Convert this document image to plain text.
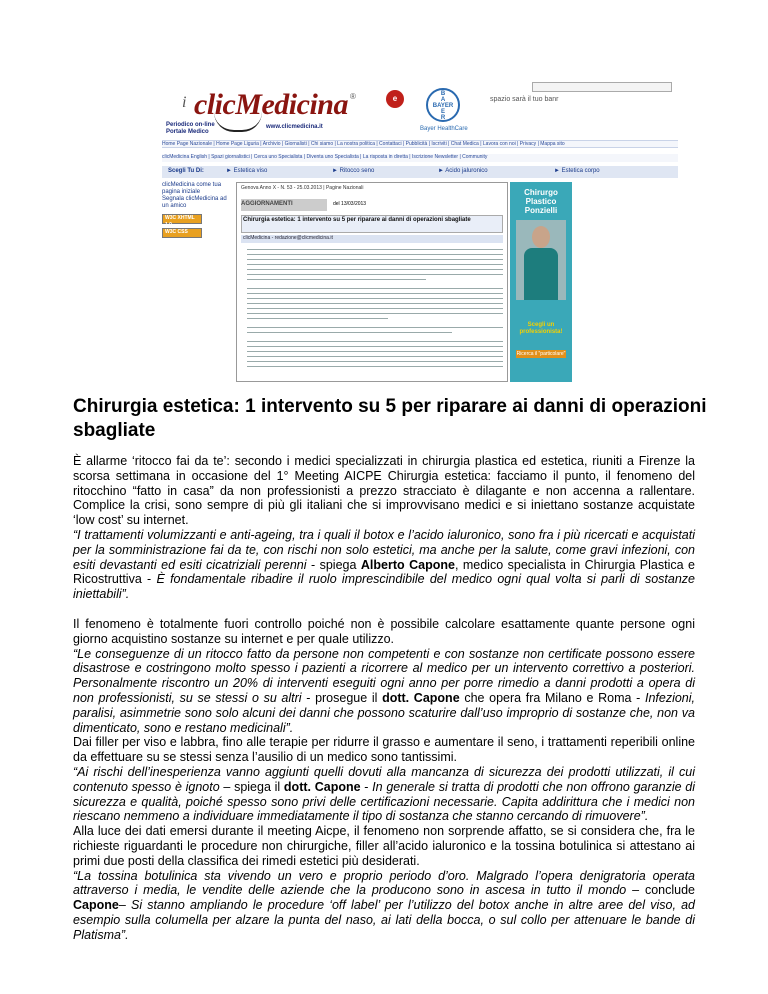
i clicMedicina ®
Periodico on-line
Portale Medico
www.clicmedicina.it
e	B
A
BAYER
E
R
Bayer HealthCare
spazio sarà il tuo banr
Home Page Nazionale | Home Page Liguria | Archivio | Giornalisti | Chi siamo | La nostra politica | Contattaci | Pubblicità | Iscriviti | Chat Medica | Lavora con noi | Privacy | Mappa sito
clicMedicina English | Spazi giornalistici | Cerca uno Specialista | Diventa uno Specialista | La risposta in diretta | Iscrizione Newsletter | Community
Scegli Tu Di:	► Estetica viso	► Ritocco seno	► Acido jaluronico	► Estetica corpo
clicMedicina come tua pagina iniziale
Segnala clicMedicina ad un amico
W3C XHTML 1.0
W3C CSS
Genova Anno X - N. 53 - 25.03.2013 | Pagine Nazionali
AGGIORNAMENTI	del 13/03/2013
Chirurgia estetica: 1 intervento su 5 per riparare ai danni di operazioni sbagliate
clicMedicina - redazione@clicmedicina.it
Chirurgo Plastico Ponzielli
Scegli un professionista!
Ricerca il "particolare"
Chirurgia estetica: 1 intervento su 5 per riparare ai danni di operazioni sbagliate

È allarme ‘ritocco fai da te’: secondo i medici specializzati in chirurgia plastica ed estetica, riuniti a Firenze la scorsa settimana in occasione del 1° Meeting AICPE Chirurgia estetica: facciamo il punto, il fenomeno del ritocchino “fatto in casa” da non professionisti a prezzo stracciato è dilagante e non accenna a rallentare. Complice la crisi, sono sempre di più gli italiani che si improvvisano medici e si iniettano sostanze acquistate ‘low cost’ su internet.

“I trattamenti volumizzanti e anti-ageing, tra i quali il botox e l’acido ialuronico, sono fra i più ricercati e acquistati per la somministrazione fai da te, con rischi non solo estetici, ma anche per la salute, come gravi infezioni, con esiti devastanti ed esiti cicatriziali perenni - spiega Alberto Capone, medico specialista in Chirurgia Plastica e Ricostruttiva - È fondamentale ribadire il ruolo imprescindibile del medico ogni qual volta si parli di sostanze iniettabili”.

Il fenomeno è totalmente fuori controllo poiché non è possibile calcolare esattamente quante persone ogni giorno acquistino sostanze su internet e per quale utilizzo.

“Le conseguenze di un ritocco fatto da persone non competenti e con sostanze non certificate possono essere disastrose e costringono molto spesso i pazienti a ricorrere al medico per un intervento correttivo a posteriori. Personalmente riscontro un 20% di interventi eseguiti ogni anno per porre rimedio a danni prodotti a opera di non professionisti, su se stessi o su altri - prosegue il dott. Capone che opera fra Milano e Roma - Infezioni, paralisi, asimmetrie sono solo alcuni dei danni che possono scaturire dall’uso improprio di sostanze che, non va dimenticato, sono e restano medicinali”.

Dai filler per viso e labbra, fino alle terapie per ridurre il grasso e aumentare il seno, i trattamenti reperibili online da effettuare su se stessi senza l’ausilio di un medico sono tantissimi.

“Ai rischi dell’inesperienza vanno aggiunti quelli dovuti alla mancanza di sicurezza dei prodotti utilizzati, il cui contenuto spesso è ignoto – spiega il dott. Capone - In generale si tratta di prodotti che non offrono garanzie di sicurezza e qualità, poiché spesso sono privi delle certificazioni necessarie. Capita addirittura che i medici non riescano nemmeno a individuare immediatamente il tipo di sostanza che stanno cercando di rimuovere”.

Alla luce dei dati emersi durante il meeting Aicpe, il fenomeno non sorprende affatto, se si considera che, fra le richieste riguardanti le procedure non chirurgiche, filler all’acido ialuronico e la tossina botulinica si attestano ai primi due posti della classifica dei rimedi estetici più desiderati.

“La tossina botulinica sta vivendo un vero e proprio periodo d’oro. Malgrado l’opera denigratoria operata attraverso i media, le vendite delle aziende che la producono sono in ascesa in tutto il mondo – conclude Capone– Si stanno ampliando le procedure ‘off label’ per l’utilizzo del botox anche in altre aree del viso, ad esempio sulla columella per alzare la punta del naso, ai lati della bocca, o sul collo per attenuare le bande di Platisma”.
